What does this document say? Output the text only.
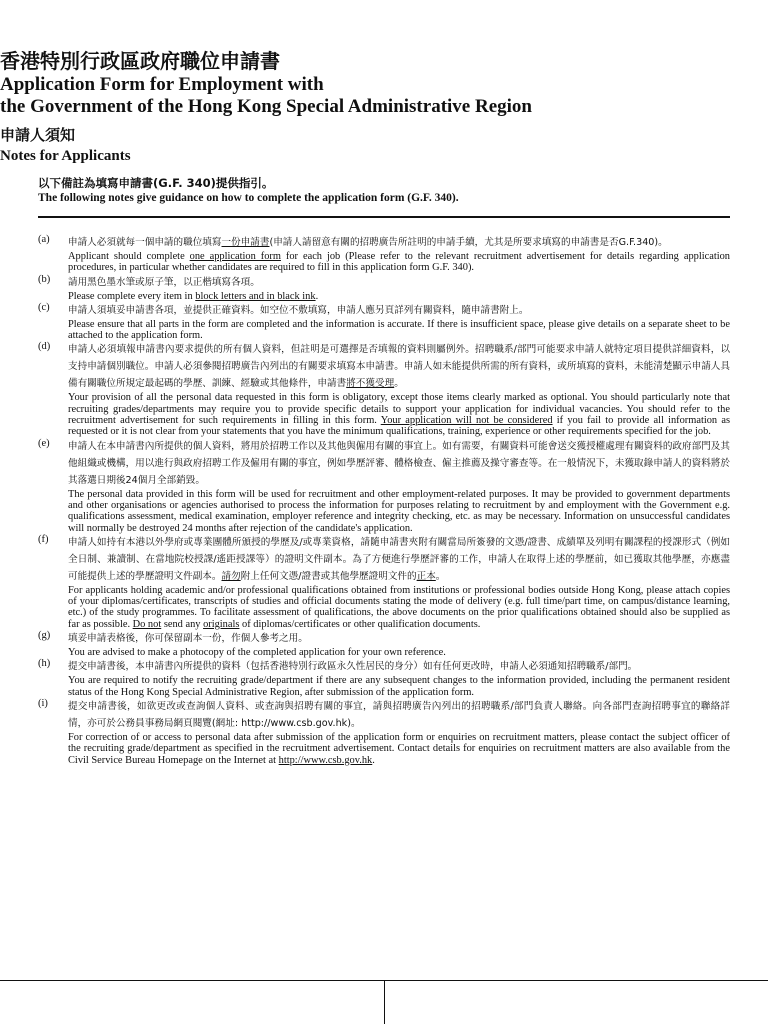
香港特別行政區政府職位申請書
Application Form for Employment with
the Government of the Hong Kong Special Administrative Region
申請人須知
Notes for Applicants
以下備註為填寫申請書(G.F. 340)提供指引。
The following notes give guidance on how to complete the application form (G.F. 340).
(a)	申請人必須就每一個申請的職位填寫一份申請書(申請人請留意有關的招聘廣告所註明的申請手續，尤其是所要求填寫的申請書是否G.F.340)。
Applicant should complete one application form for each job (Please refer to the relevant recruitment advertisement for details regarding application procedures, in particular whether candidates are required to fill in this application form G.F. 340).
(b)	請用黑色墨水筆或原子筆，以正楷填寫各項。
Please complete every item in block letters and in black ink.
(c)	申請人須填妥申請書各項，並提供正確資料。如空位不敷填寫，申請人應另頁詳列有關資料，隨申請書附上。
Please ensure that all parts in the form are completed and the information is accurate. If there is insufficient space, please give details on a separate sheet to be attached to the application form.
(d)	申請人必須填報申請書內要求提供的所有個人資料，但註明是可選擇是否填報的資料則屬例外。招聘職系/部門可能要求申請人就特定項目提供詳細資料，以支持申請個別職位。申請人必須參閱招聘廣告內列出的有關要求填寫本申請書。申請人如未能提供所需的所有資料，或所填寫的資料，未能清楚顯示申請人具備有關職位所規定最起碼的學歷、訓練、經驗或其他條件，申請書將不獲受理。
Your provision of all the personal data requested in this form is obligatory, except those items clearly marked as optional. You should particularly note that recruiting grades/departments may require you to provide specific details to support your application for individual vacancies. You should refer to the recruitment advertisement for such requirements in filling in this form. Your application will not be considered if you fail to provide all information as requested or it is not clear from your statements that you have the minimum qualifications, training, experience or other requirements specified for the job.
(e)	申請人在本申請書內所提供的個人資料，將用於招聘工作以及其他與僱用有關的事宜上。如有需要，有關資料可能會送交獲授權處理有關資料的政府部門及其他組織或機構，用以進行與政府招聘工作及僱用有關的事宜，例如學歷評審、體格檢查、僱主推薦及操守審查等。在一般情況下，未獲取錄申請人的資料將於其落選日期後24個月全部銷毀。
The personal data provided in this form will be used for recruitment and other employment-related purposes. It may be provided to government departments and other organisations or agencies authorised to process the information for purposes relating to recruitment by and employment with the Government e.g. qualifications assessment, medical examination, employer reference and integrity checking, etc. as may be necessary. Information on unsuccessful candidates will normally be destroyed 24 months after rejection of the candidate's application.
(f)	申請人如持有本港以外學府或專業團體所頒授的學歷及/或專業資格，請隨申請書夾附有關當局所簽發的文憑/證書、成績單及列明有關課程的授課形式（例如全日制、兼讀制、在當地院校授課/遙距授課等）的證明文件副本。為了方便進行學歷評審的工作，申請人在取得上述的學歷前，如已獲取其他學歷，亦應盡可能提供上述的學歷證明文件副本。請勿附上任何文憑/證書或其他學歷證明文件的正本。
For applicants holding academic and/or professional qualifications obtained from institutions or professional bodies outside Hong Kong, please attach copies of your diplomas/certificates, transcripts of studies and official documents stating the mode of delivery (e.g. full time/part time, on campus/distance learning, etc.) of the study programmes. To facilitate assessment of qualifications, the above documents on the prior qualifications obtained should also be supplied as far as possible. Do not send any originals of diplomas/certificates or other qualification documents.
(g)	填妥申請表格後，你可保留副本一份，作個人參考之用。
You are advised to make a photocopy of the completed application for your own reference.
(h)	提交申請書後，本申請書內所提供的資料（包括香港特別行政區永久性居民的身分）如有任何更改時，申請人必須通知招聘職系/部門。
You are required to notify the recruiting grade/department if there are any subsequent changes to the information provided, including the permanent resident status of the Hong Kong Special Administrative Region, after submission of the application form.
(i)	提交申請書後，如欲更改或查詢個人資料、或查詢與招聘有關的事宜，請與招聘廣告內列出的招聘職系/部門負責人聯絡。向各部門查詢招聘事宜的聯絡詳情，亦可於公務員事務局網頁閱覽(網址: http://www.csb.gov.hk)。
For correction of or access to personal data after submission of the application form or enquiries on recruitment matters, please contact the subject officer of the recruiting grade/department as specified in the recruitment advertisement. Contact details for enquiries on recruitment matters are also available from the Civil Service Bureau Homepage on the Internet at http://www.csb.gov.hk.
